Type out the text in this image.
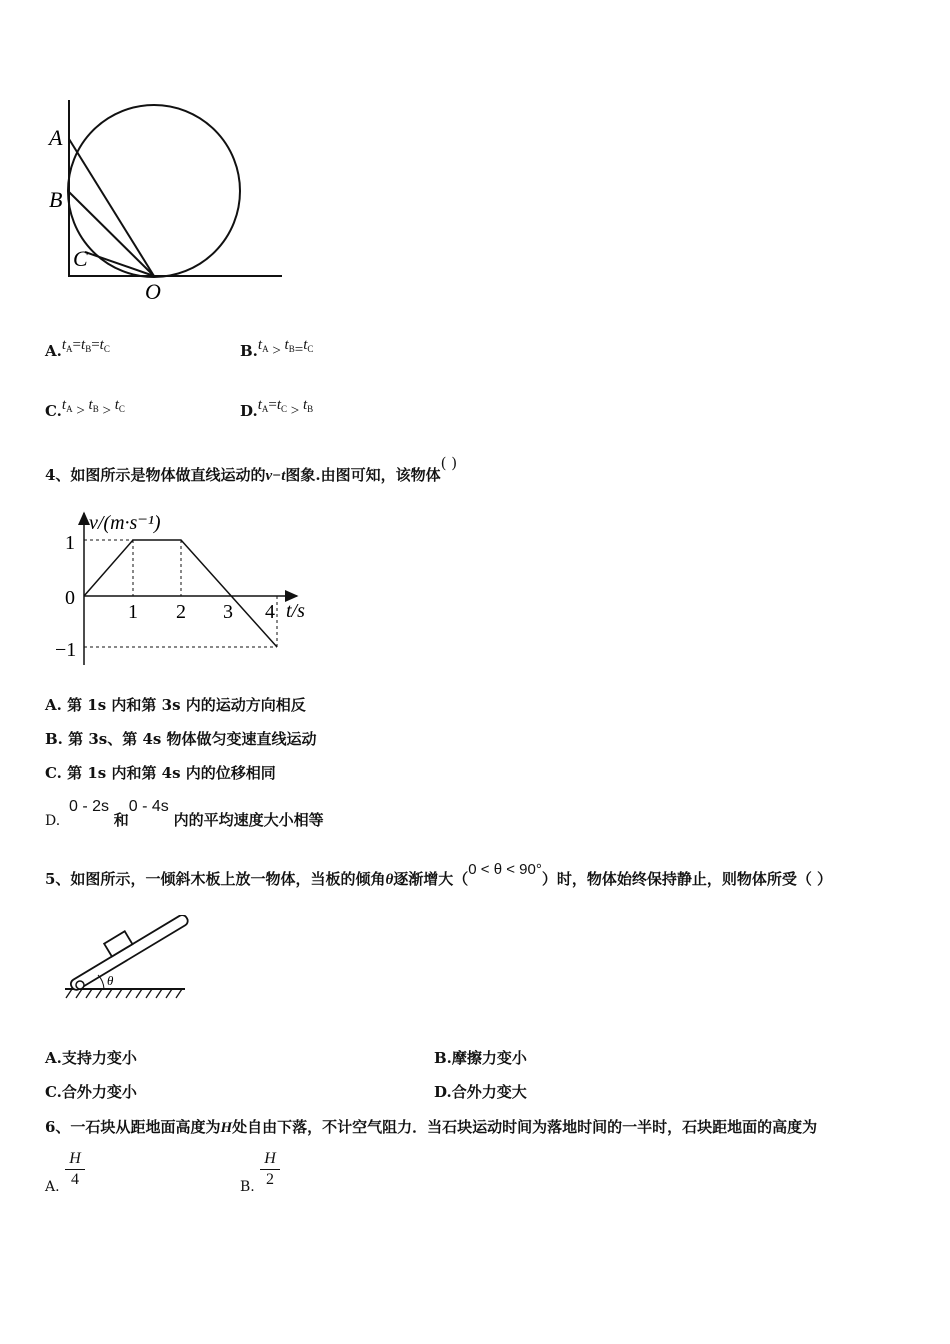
A
B
C
O
$A.t_A=t_B=t_C$	$B.t_A > t_B=t_C$
$C.t_A > t_B > t_C$	$D.t_A=t_C > t_B$
4、如图所示是物体做直线运动的v−t图象.由图可知，该物体( )
v/(m·s⁻¹)
t/s
1
0
−1
1 2 3 4
A. 第 1s 内和第 3s 内的运动方向相反
B. 第 3s、第 4s 物体做匀变速直线运动
C. 第 1s 内和第 4s 内的位移相同
D. 0 - 2s 和0 - 4s 内的平均速度大小相等
5、如图所示，一倾斜木板上放一物体，当板的倾角θ逐渐增大（0 < θ < 90°）时，物体始终保持静止，则物体所受（ ）
θ
A.支持力变小	B.摩擦力变小
C.合外力变小	D.合外力变大
6、一石块从距地面高度为H处自由下落，不计空气阻力．当石块运动时间为落地时间的一半时，石块距地面的高度为
A.
H
4	B.
H
2
